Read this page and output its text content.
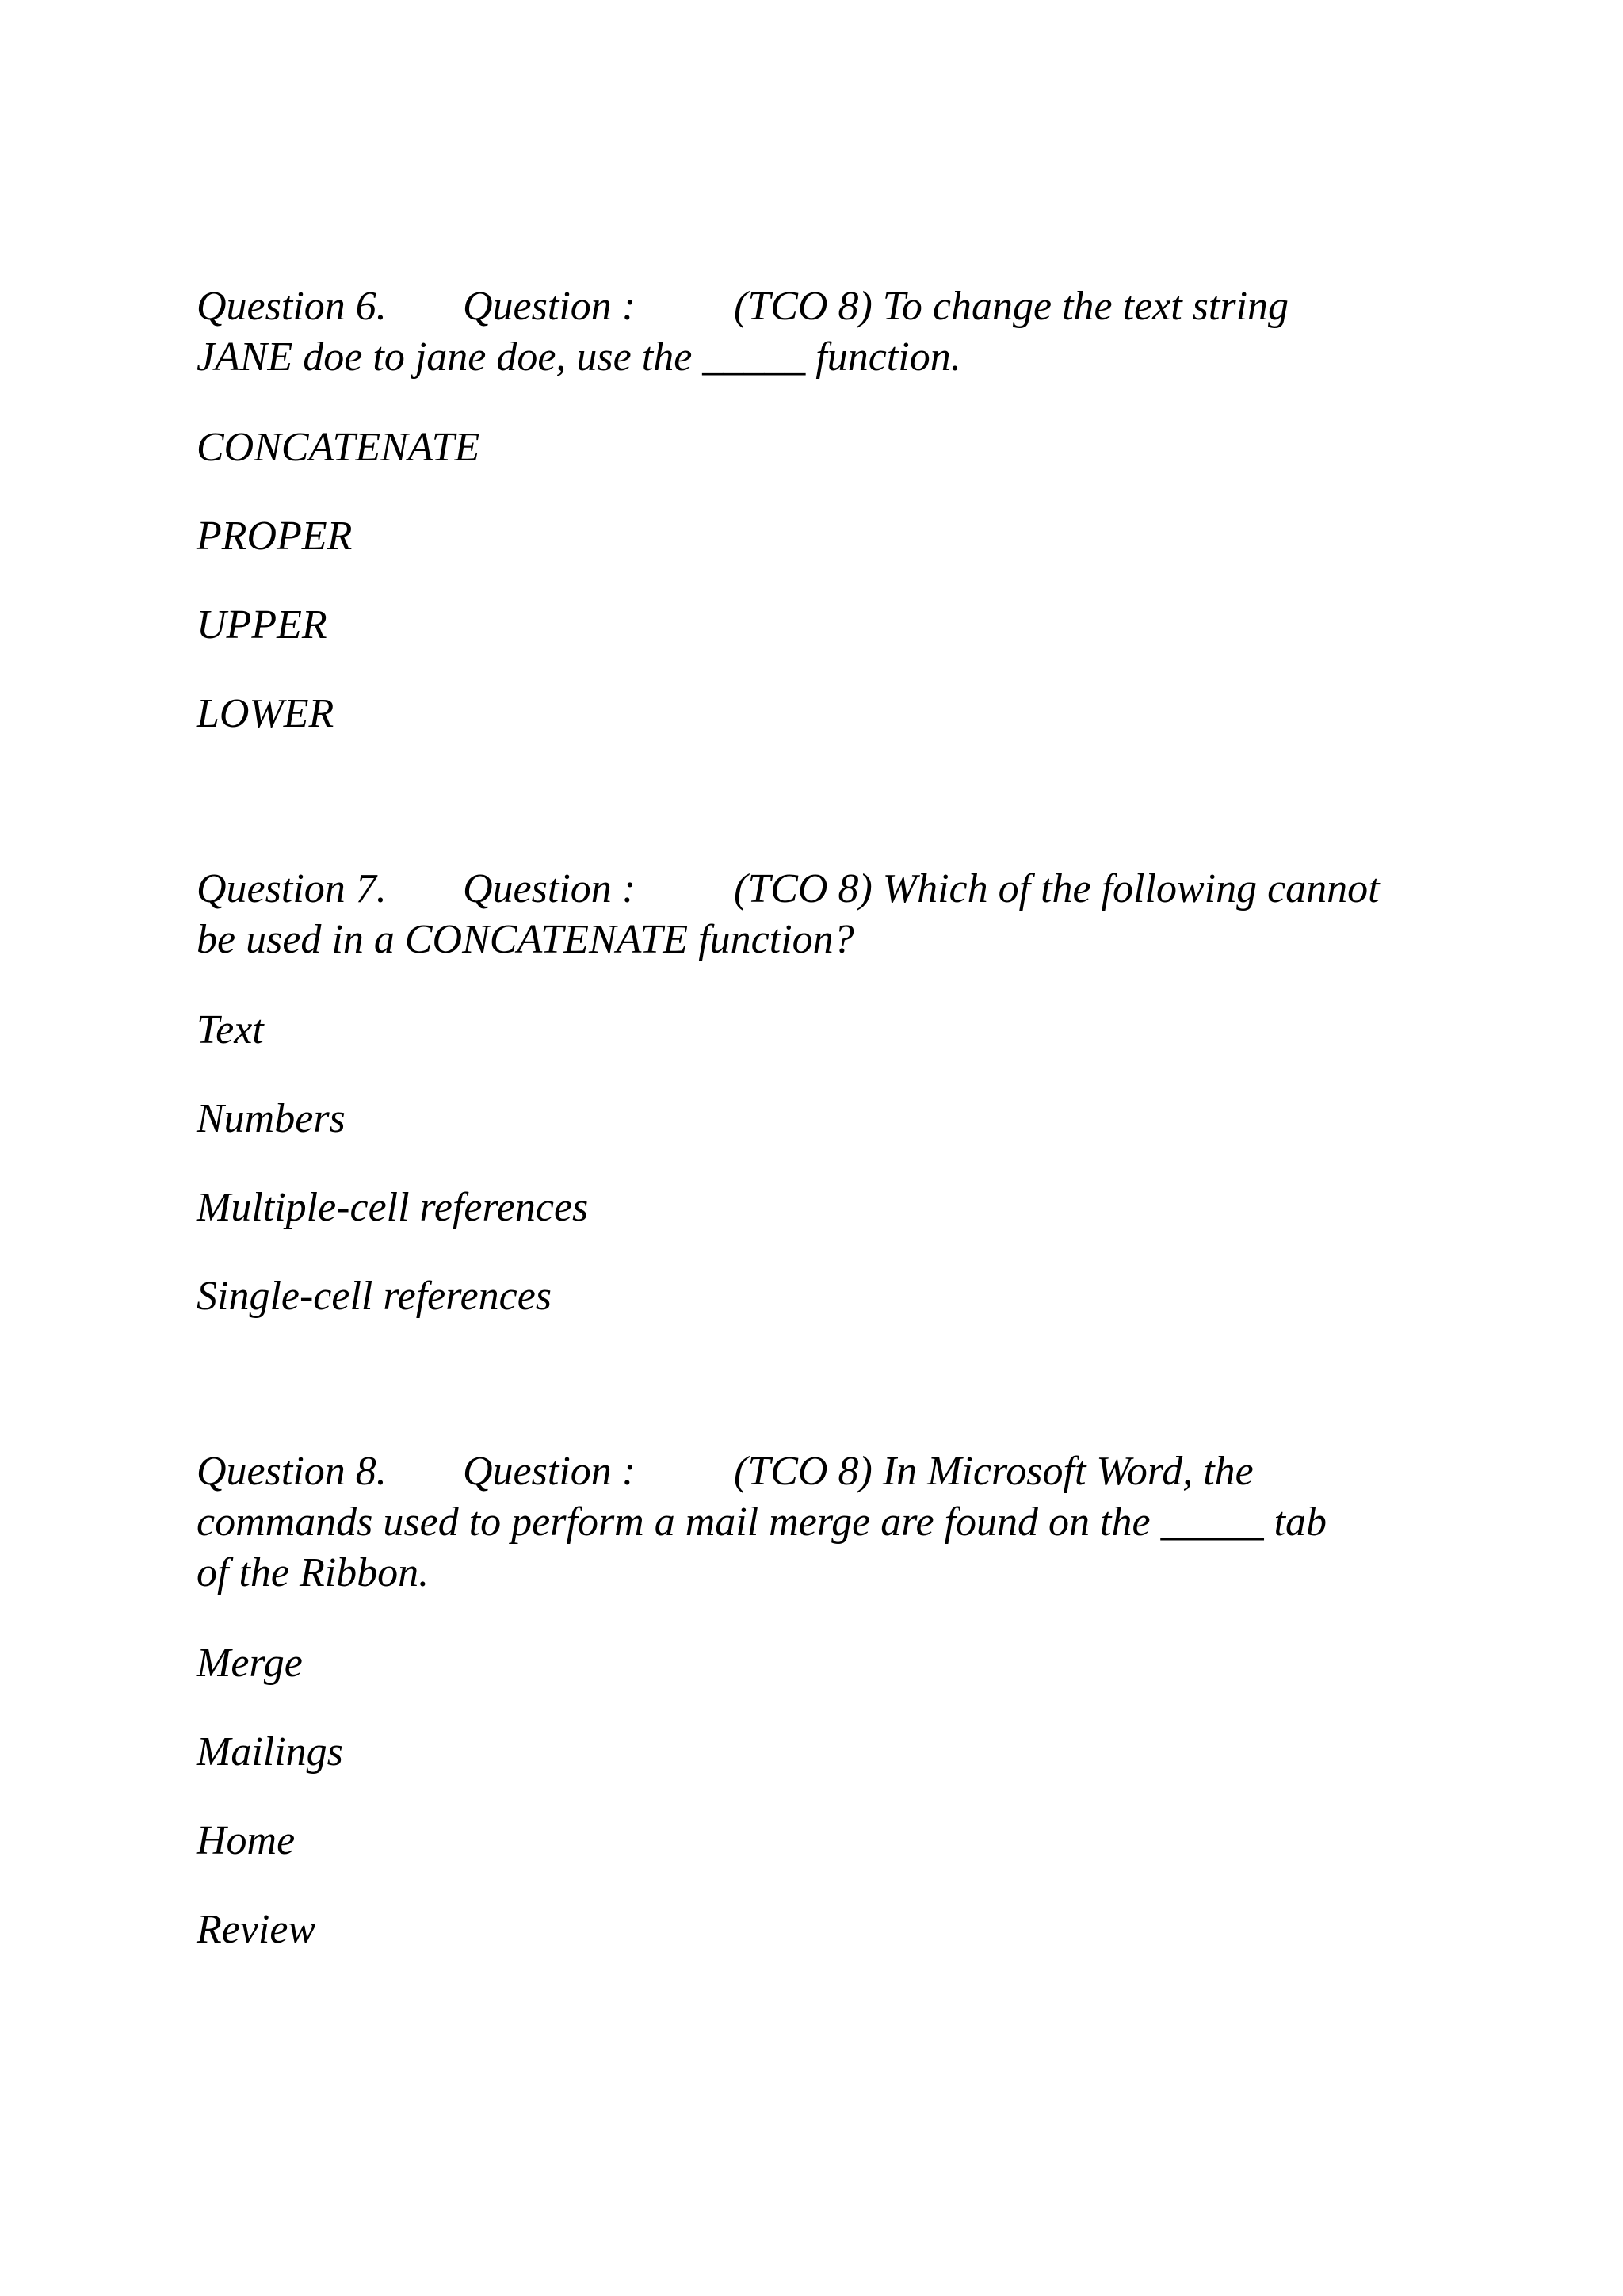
Question 6. Question : (TCO 8) To change the text string
JANE doe to jane doe, use the _____ function.

CONCATENATE

PROPER

UPPER

LOWER

Question 7. Question : (TCO 8) Which of the following cannot
be used in a CONCATENATE function?

Text

Numbers

Multiple-cell references

Single-cell references

Question 8. Question : (TCO 8) In Microsoft Word, the
commands used to perform a mail merge are found on the _____ tab
of the Ribbon.

Merge

Mailings

Home

Review
